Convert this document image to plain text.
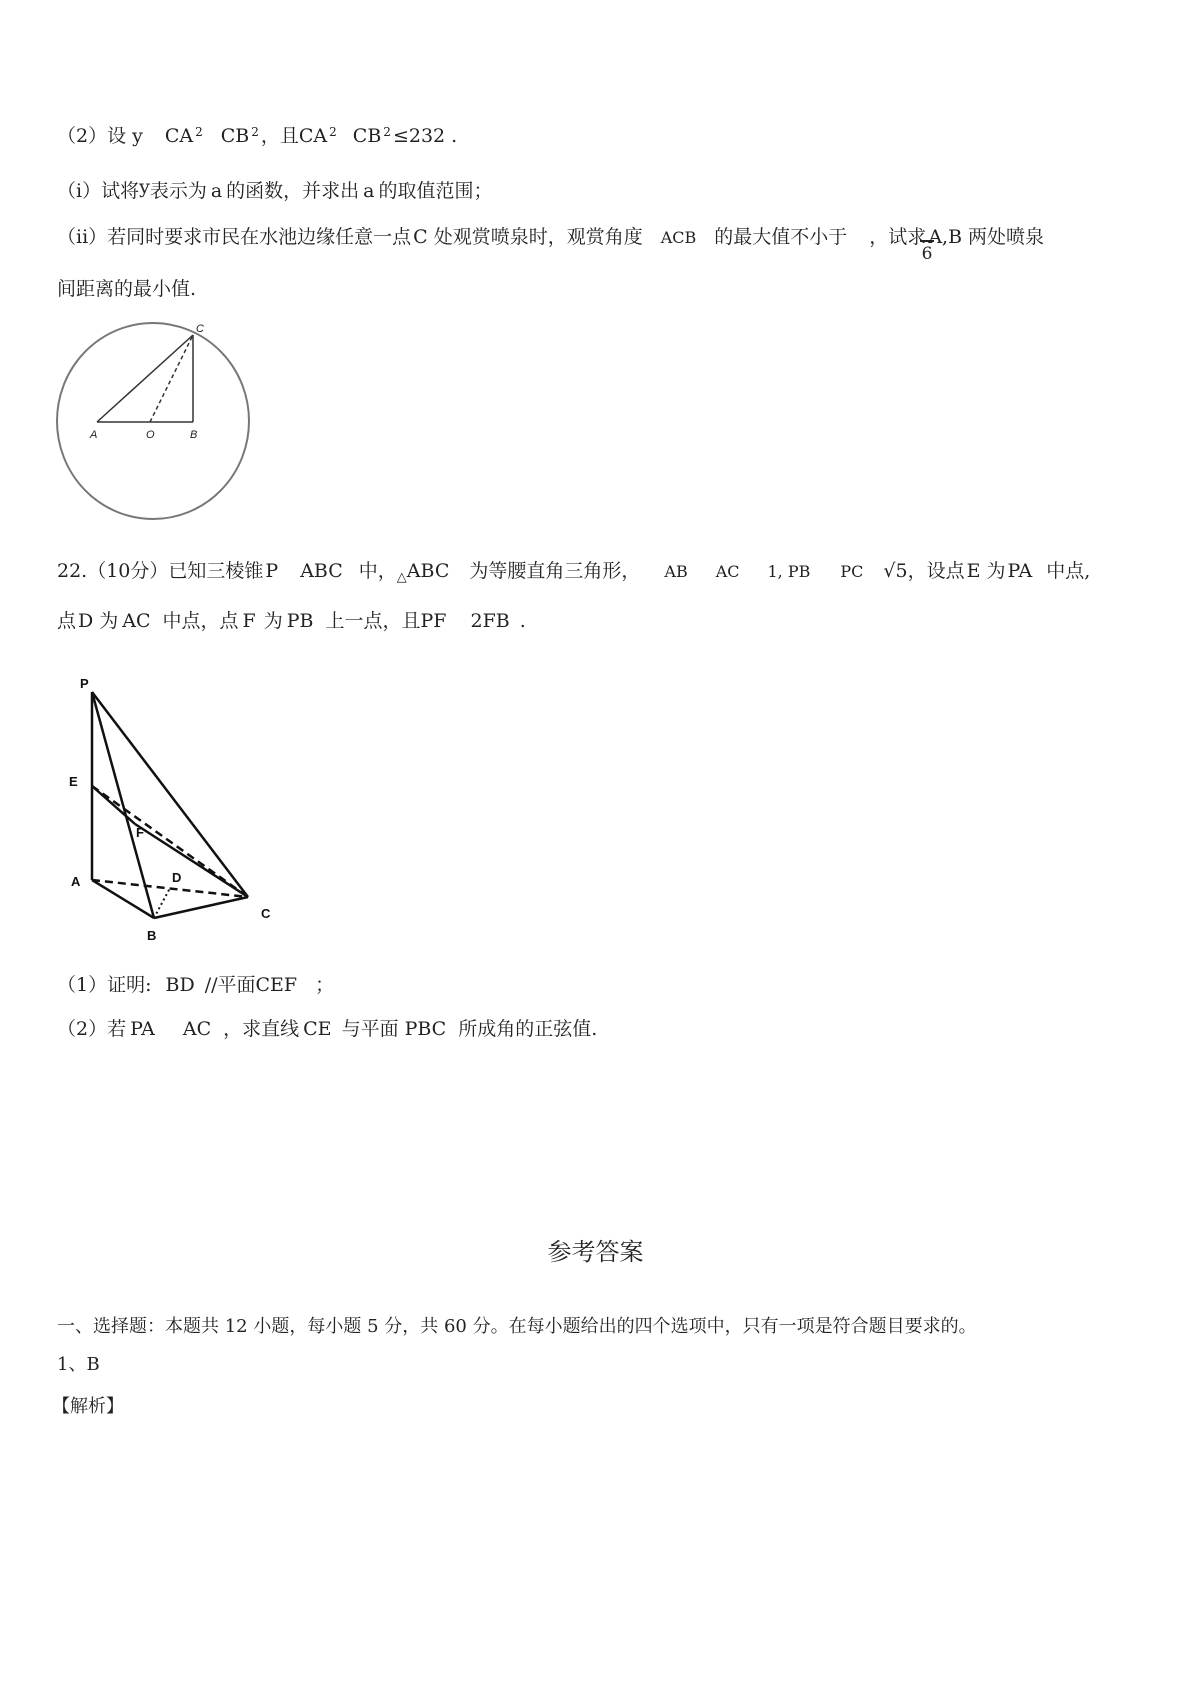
（2）设 y CA $^2$ CB $^2$ ，且CA $^2$ CB $^2$ ≤232 .
（i）试将y表示为 a 的函数，并求出 a 的取值范围；
（ii）若同时要求市民在水池边缘任意一点 C 处观赏喷泉时，观赏角度 ACB 的最大值不小于 ，试求 A,B 两处喷泉
6
间距离的最小值.
A	O	B
C
22.（10分）已知三棱锥 P ABC 中，$_\triangle$ABC 为等腰直角三角形， AB AC 1, PB PC √5，设点 E 为 PA 中点,
点 D 为 AC 中点，点 F 为 PB 上一点，且PF 2FB .
P
E
F
A	D
B
C
（1）证明: BD //平面CEF ；
（2）若 PA AC ，求直线 CE 与平面 PBC 所成角的正弦值.
参考答案
一、选择题：本题共 12 小题，每小题 5 分，共 60 分。在每小题给出的四个选项中，只有一项是符合题目要求的。
1、B
【解析】
